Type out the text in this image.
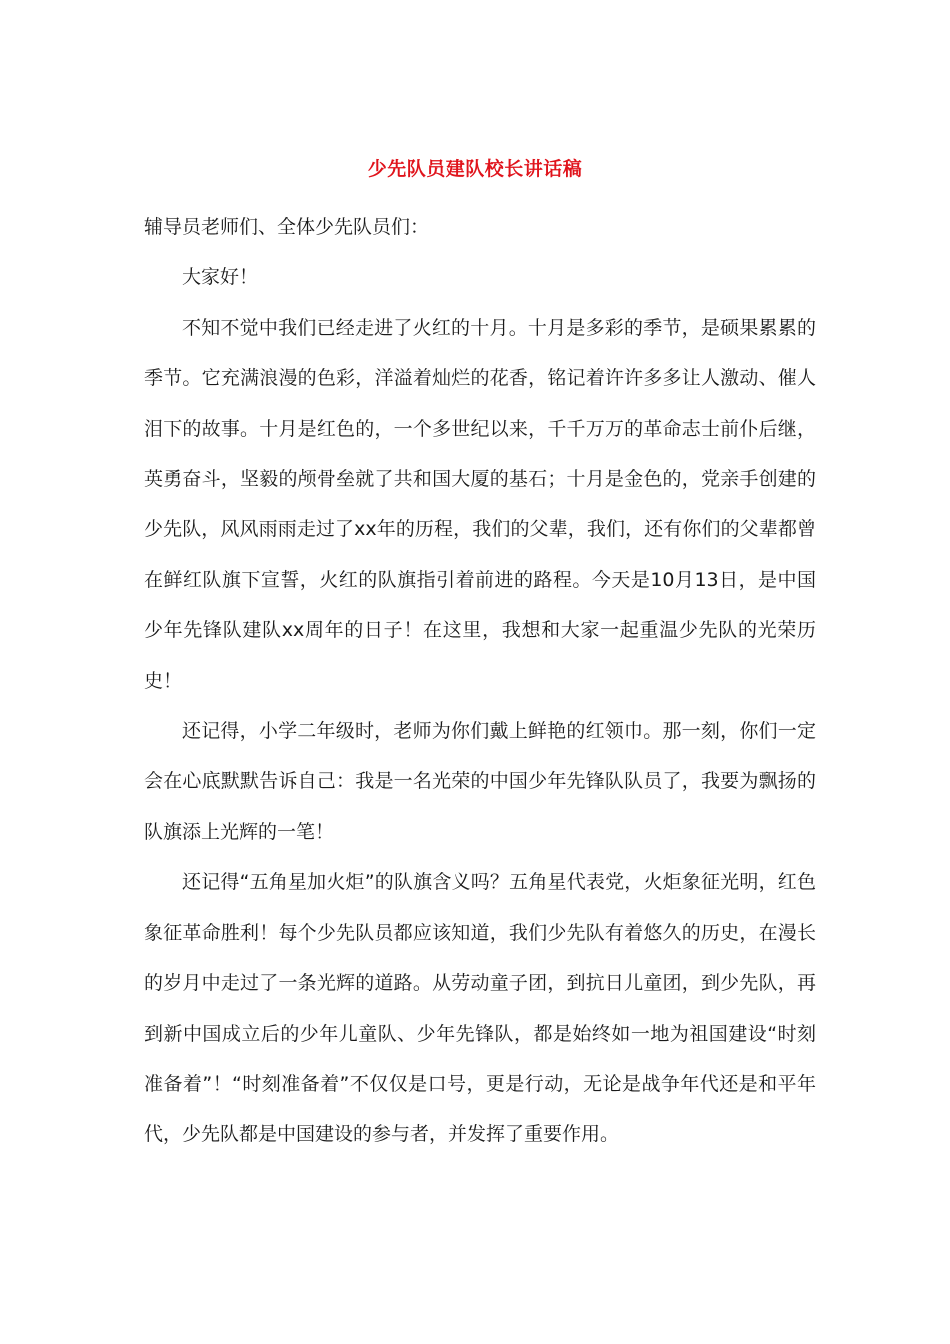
少先队员建队校长讲话稿

辅导员老师们、全体少先队员们：

大家好！

不知不觉中我们已经走进了火红的十月。十月是多彩的季节，是硕果累累的季节。它充满浪漫的色彩，洋溢着灿烂的花香，铭记着许许多多让人激动、催人泪下的故事。十月是红色的，一个多世纪以来，千千万万的革命志士前仆后继，英勇奋斗，坚毅的颅骨垒就了共和国大厦的基石；十月是金色的，党亲手创建的少先队，风风雨雨走过了xx年的历程，我们的父辈，我们，还有你们的父辈都曾在鲜红队旗下宣誓，火红的队旗指引着前进的路程。今天是10月13日，是中国少年先锋队建队xx周年的日子！在这里，我想和大家一起重温少先队的光荣历史！

还记得，小学二年级时，老师为你们戴上鲜艳的红领巾。那一刻，你们一定会在心底默默告诉自己：我是一名光荣的中国少年先锋队队员了，我要为飘扬的队旗添上光辉的一笔！

还记得“五角星加火炬”的队旗含义吗？五角星代表党，火炬象征光明，红色象征革命胜利！每个少先队员都应该知道，我们少先队有着悠久的历史，在漫长的岁月中走过了一条光辉的道路。从劳动童子团，到抗日儿童团，到少先队，再到新中国成立后的少年儿童队、少年先锋队，都是始终如一地为祖国建设“时刻准备着”！“时刻准备着”不仅仅是口号，更是行动，无论是战争年代还是和平年代，少先队都是中国建设的参与者，并发挥了重要作用。
